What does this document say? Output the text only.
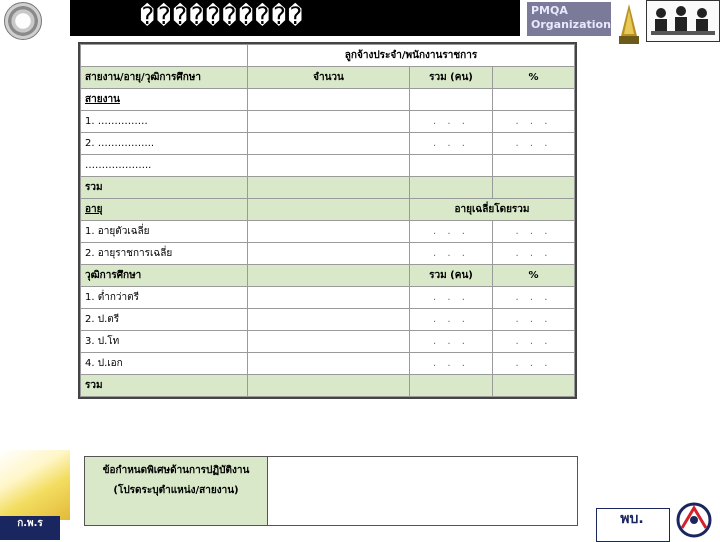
����������	PMQA
Organization
	ลูกจ้างประจำ/พนักงานราชการ		
สายงาน/อายุ/วุฒิการศึกษา	จำนวน	รวม (คน)	%
สายงาน			
1. ……………		. . .	. . .
2. ……………..		. . .	. . .
………………..			
รวม			
อายุ		อายุเฉลี่ยโดยรวม	
1. อายุตัวเฉลี่ย		. . .	. . .
2. อายุราชการเฉลี่ย		. . .	. . .
วุฒิการศึกษา		รวม (คน)	%
1. ต่ำกว่าตรี		. . .	. . .
2. ป.ตรี		. . .	. . .
3. ป.โท		. . .	. . .
4. ป.เอก		. . .	. . .
รวม			
ข้อกำหนดพิเศษด้านการปฏิบัติงาน
(โปรดระบุตำแหน่ง/สายงาน)

ก.พ.ร	พบ.
